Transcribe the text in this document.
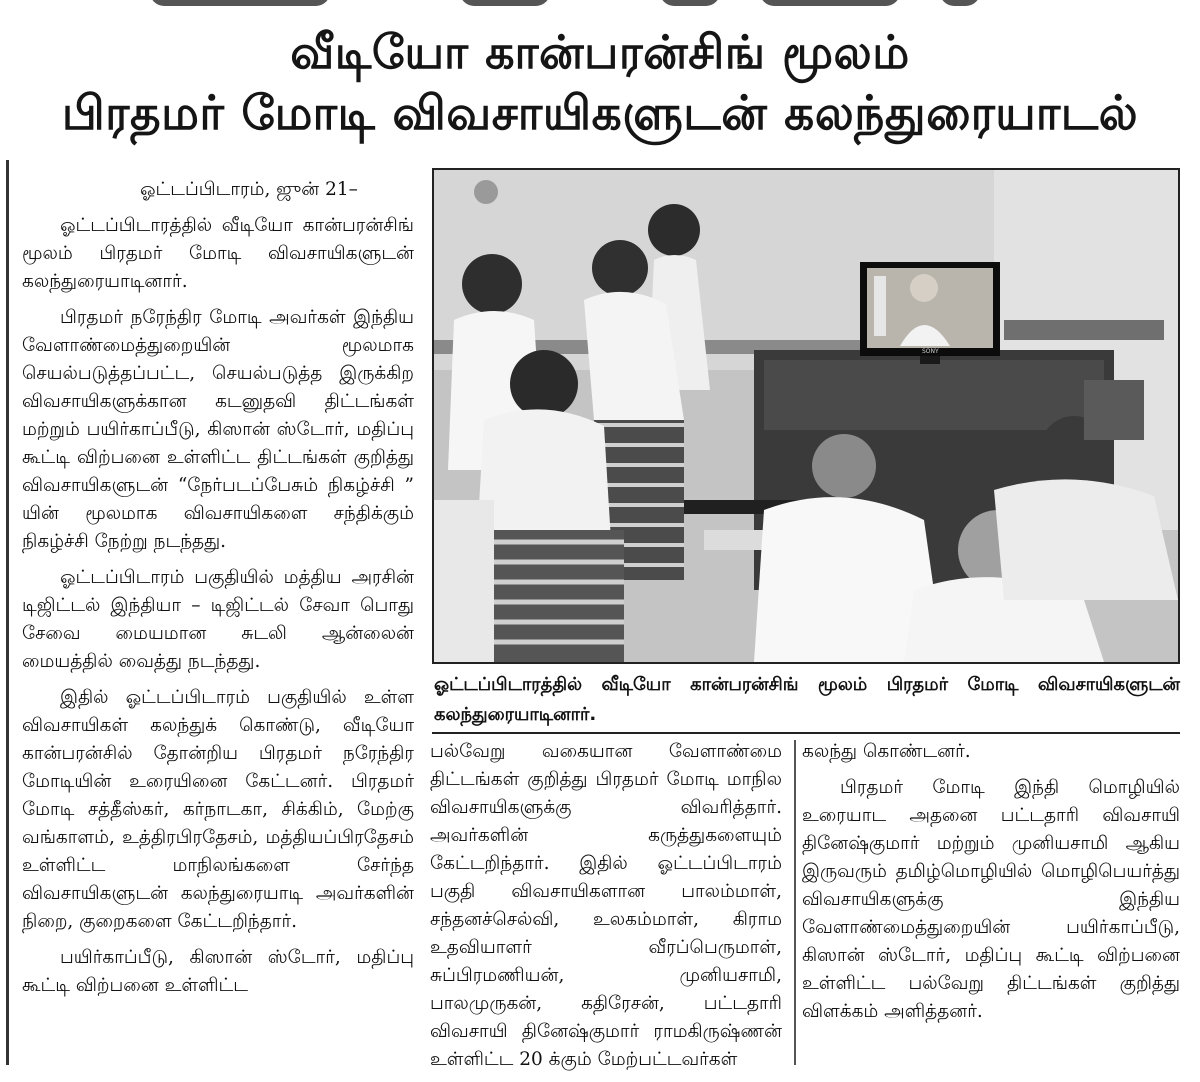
வீடியோ கான்பரன்சிங் மூலம்
பிரதமர் மோடி விவசாயிகளுடன் கலந்துரையாடல்

ஓட்டப்பிடாரம், ஜுன் 21–

ஓட்டப்பிடாரத்தில் வீடியோ கான்பரன்சிங் மூலம் பிரதமர் மோடி விவசாயிகளுடன் கலந்துரையாடினார்.

பிரதமர் நரேந்திர மோடி அவர்கள் இந்திய வேளாண்மைத்துறையின் மூலமாக செயல்படுத்தப்பட்ட, செயல்படுத்த இருக்கிற விவசாயிகளுக்கான கடனுதவி திட்டங்கள் மற்றும் பயிர்காப்பீடு, கிஸான் ஸ்டோர், மதிப்பு கூட்டி விற்பனை உள்ளிட்ட திட்டங்கள் குறித்து விவசாயிகளுடன் “நேர்படப்பேசும் நிகழ்ச்சி ” யின் மூலமாக விவசாயிகளை சந்திக்கும் நிகழ்ச்சி நேற்று நடந்தது.

ஓட்டப்பிடாரம் பகுதியில் மத்திய அரசின் டிஜிட்டல் இந்தியா – டிஜிட்டல் சேவா பொது சேவை மையமான சுடலி ஆன்லைன் மையத்தில் வைத்து நடந்தது.

இதில் ஓட்டப்பிடாரம் பகுதியில் உள்ள விவசாயிகள் கலந்துக் கொண்டு, வீடியோ கான்பரன்சில் தோன்றிய பிரதமர் நரேந்திர மோடியின் உரையினை கேட்டனர். பிரதமர் மோடி சத்தீஸ்கர், கர்நாடகா, சிக்கிம், மேற்கு வங்காளம், உத்திரபிரதேசம், மத்தியப்பிரதேசம் உள்ளிட்ட மாநிலங்களை சேர்ந்த விவசாயிகளுடன் கலந்துரையாடி அவர்களின் நிறை, குறைகளை கேட்டறிந்தார்.

பயிர்காப்பீடு, கிஸான் ஸ்டோர், மதிப்பு கூட்டி விற்பனை உள்ளிட்ட

SONY
ஓட்டப்பிடாரத்தில் வீடியோ கான்பரன்சிங் மூலம் பிரதமர் மோடி விவசாயிகளுடன் கலந்துரையாடினார்.

பல்வேறு வகையான வேளாண்மை திட்டங்கள் குறித்து பிரதமர் மோடி மாநில விவசாயிகளுக்கு விவரித்தார். அவர்களின் கருத்துகளையும் கேட்டறிந்தார். இதில் ஓட்டப்பிடாரம் பகுதி விவசாயிகளான பாலம்மாள், சந்தனச்செல்வி, உலகம்மாள், கிராம உதவியாளர் வீரப்பெருமாள், சுப்பிரமணியன், முனியசாமி, பாலமுருகன், கதிரேசன், பட்டதாரி விவசாயி தினேஷ்குமார் ராமகிருஷ்ணன் உள்ளிட்ட 20 க்கும் மேற்பட்டவர்கள்

கலந்து கொண்டனர்.

பிரதமர் மோடி இந்தி மொழியில் உரையாட அதனை பட்டதாரி விவசாயி தினேஷ்குமார் மற்றும் முனியசாமி ஆகிய இருவரும் தமிழ்மொழியில் மொழிபெயர்த்து விவசாயிகளுக்கு இந்திய வேளாண்மைத்துறையின் பயிர்காப்பீடு, கிஸான் ஸ்டோர், மதிப்பு கூட்டி விற்பனை உள்ளிட்ட பல்வேறு திட்டங்கள் குறித்து விளக்கம் அளித்தனர்.
